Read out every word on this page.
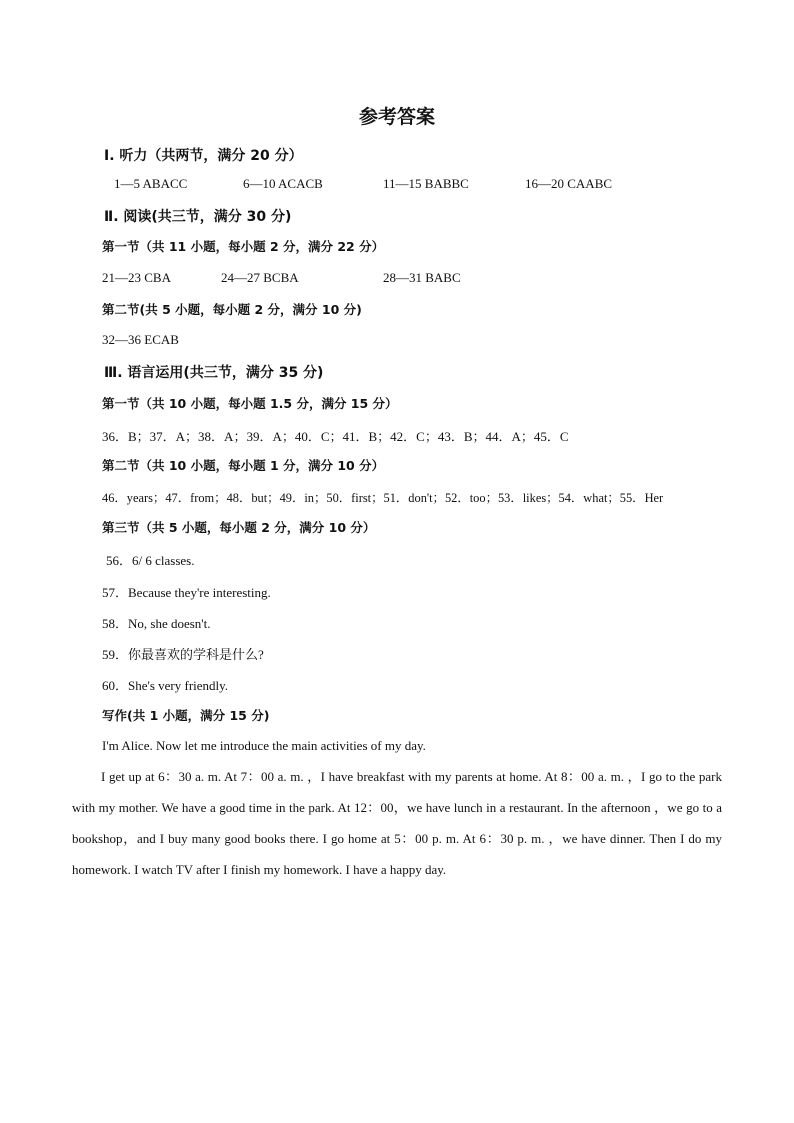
参考答案
Ⅰ. 听力（共两节，满分 20 分）
1—5 ABACC	6—10 ACACB	11—15 BABBC	16—20 CAABC
Ⅱ. 阅读(共三节，满分 30 分)
第一节（共 11 小题，每小题 2 分，满分 22 分）
21—23 CBA	24—27 BCBA	28—31 BABC
第二节(共 5 小题，每小题 2 分，满分 10 分)
32—36 ECAB
Ⅲ. 语言运用(共三节，满分 35 分)
第一节（共 10 小题，每小题 1.5 分，满分 15 分）
36．B；37．A；38．A；39．A；40．C；41．B；42．C；43．B；44．A；45．C
第二节（共 10 小题，每小题 1 分，满分 10 分）
46．years；47．from；48．but；49．in；50．first；51．don't；52．too；53．likes；54．what；55．Her
第三节（共 5 小题，每小题 2 分，满分 10 分）
56．6/ 6 classes.
57．Because they're interesting.
58．No, she doesn't.
59．你最喜欢的学科是什么?
60．She's very friendly.
写作(共 1 小题，满分 15 分)
I'm Alice. Now let me introduce the main activities of my day.
I get up at 6：30 a. m. At 7：00 a. m. ，I have breakfast with my parents at home. At 8：00 a. m. ，I go to the park with my mother. We have a good time in the park. At 12：00，we have lunch in a restaurant. In the afternoon ，we go to a bookshop，and I buy many good books there. I go home at 5：00 p. m. At 6：30 p. m. ，we have dinner. Then I do my homework. I watch TV after I finish my homework. I have a happy day.
